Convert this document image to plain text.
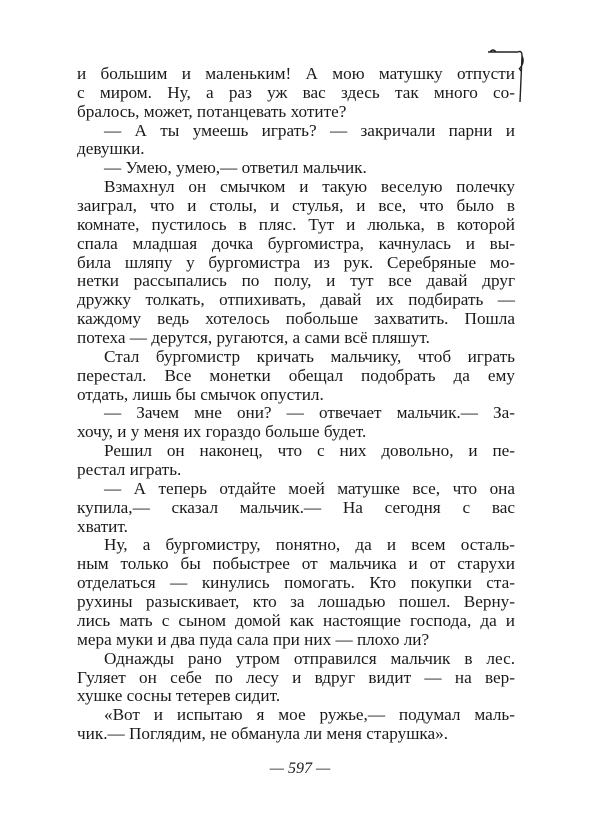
и большим и маленьким! А мою матушку отпусти
с миром. Ну, а раз уж вас здесь так много со-
бралось, может, потанцевать хотите?
— А ты умеешь играть? — закричали парни и
девушки.
— Умею, умею,— ответил мальчик.
Взмахнул он смычком и такую веселую полечку
заиграл, что и столы, и стулья, и все, что было в
комнате, пустилось в пляс. Тут и люлька, в которой
спала младшая дочка бургомистра, качнулась и вы-
била шляпу у бургомистра из рук. Серебряные мо-
нетки рассыпались по полу, и тут все давай друг
дружку толкать, отпихивать, давай их подбирать —
каждому ведь хотелось побольше захватить. Пошла
потеха — дерутся, ругаются, а сами всё пляшут.
Стал бургомистр кричать мальчику, чтоб играть
перестал. Все монетки обещал подобрать да ему
отдать, лишь бы смычок опустил.
— Зачем мне они? — отвечает мальчик.— За-
хочу, и у меня их гораздо больше будет.
Решил он наконец, что с них довольно, и пе-
рестал играть.
— А теперь отдайте моей матушке все, что она
купила,— сказал мальчик.— На сегодня с вас
хватит.
Ну, а бургомистру, понятно, да и всем осталь-
ным только бы побыстрее от мальчика и от старухи
отделаться — кинулись помогать. Кто покупки ста-
рухины разыскивает, кто за лошадью пошел. Верну-
лись мать с сыном домой как настоящие господа, да и
мера муки и два пуда сала при них — плохо ли?
Однажды рано утром отправился мальчик в лес.
Гуляет он себе по лесу и вдруг видит — на вер-
хушке сосны тетерев сидит.
«Вот и испытаю я мое ружье,— подумал маль-
чик.— Поглядим, не обманула ли меня старушка».
— 597 —
